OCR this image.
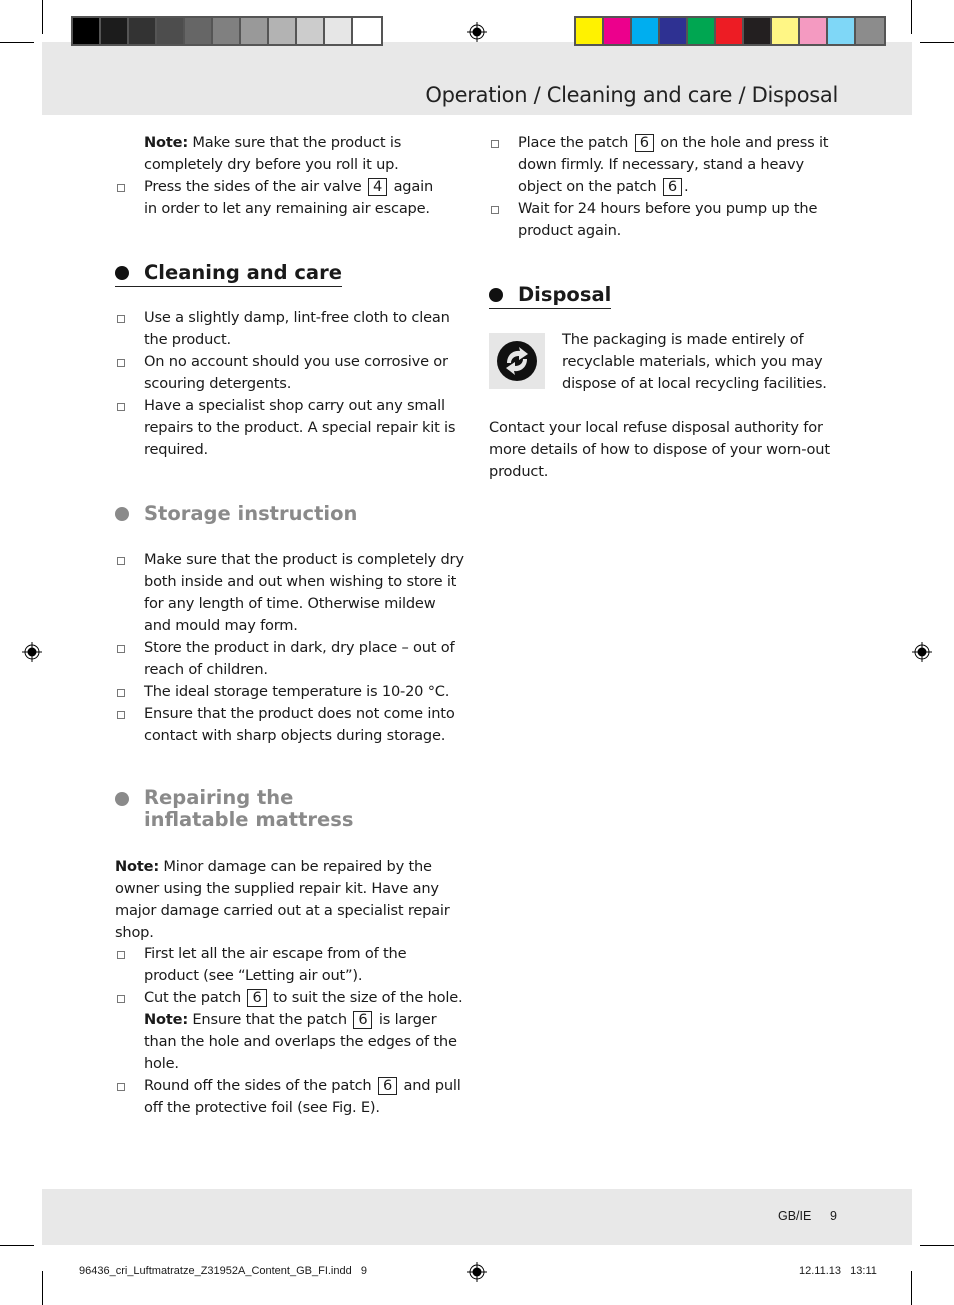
Operation / Cleaning and care / Disposal
Note: Make sure that the product is completely dry before you roll it up.
Press the sides of the air valve 4 again in order to let any remaining air escape.
Cleaning and care
Use a slightly damp, lint-free cloth to clean the product.
On no account should you use corrosive or scouring detergents.
Have a specialist shop carry out any small repairs to the product. A special repair kit is required.
Storage instruction
Make sure that the product is completely dry both inside and out when wishing to store it for any length of time. Otherwise mildew and mould may form.
Store the product in dark, dry place – out of reach of children.
The ideal storage temperature is 10-20 °C.
Ensure that the product does not come into contact with sharp objects during storage.
Repairing the inflatable mattress
Note: Minor damage can be repaired by the owner using the supplied repair kit. Have any major damage carried out at a specialist repair shop.
First let all the air escape from of the product (see “Letting air out”).
Cut the patch 6 to suit the size of the hole.
Note: Ensure that the patch 6 is larger than the hole and overlaps the edges of the hole.
Round off the sides of the patch 6 and pull off the protective foil (see Fig. E).
Place the patch 6 on the hole and press it down firmly. If necessary, stand a heavy object on the patch 6 .
Wait for 24 hours before you pump up the product again.
Disposal
The packaging is made entirely of recyclable materials, which you may dispose of at local recycling facilities.
Contact your local refuse disposal authority for more details of how to dispose of your worn-out product.
GB/IE 9
96436_cri_Luftmatratze_Z31952A_Content_GB_FI.indd   9	12.11.13   13:11
